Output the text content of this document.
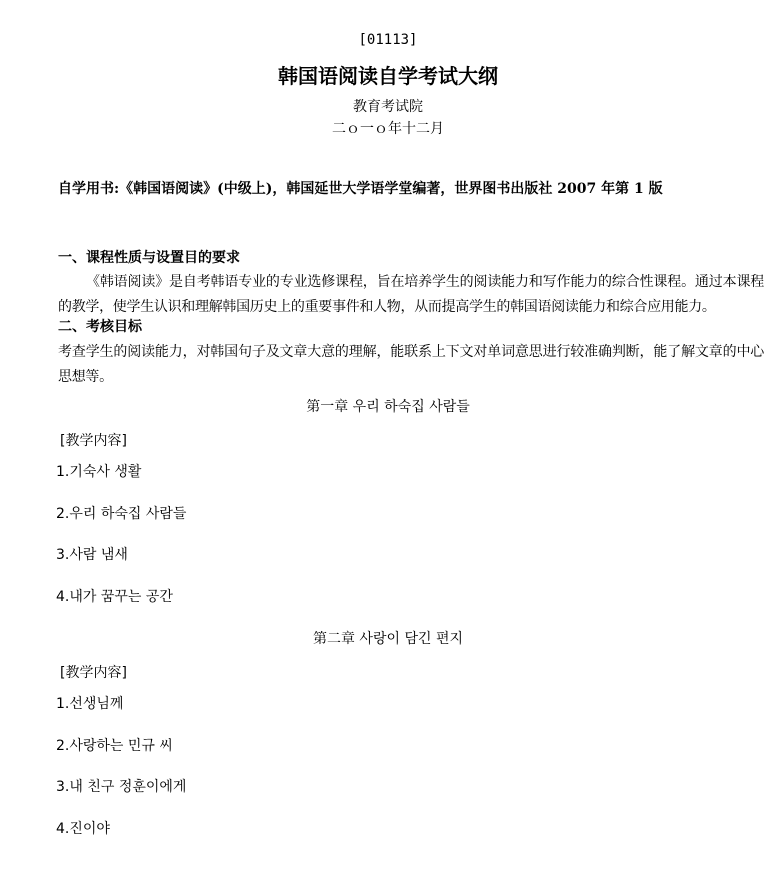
[01113]
韩国语阅读自学考试大纲
教育考试院
二ｏ一ｏ年十二月
自学用书:《韩国语阅读》(中级上)，韩国延世大学语学堂编著，世界图书出版社 2007 年第 1 版
一、课程性质与设置目的要求
《韩语阅读》是自考韩语专业的专业选修课程，旨在培养学生的阅读能力和写作能力的综合性课程。通过本课程的教学，使学生认识和理解韩国历史上的重要事件和人物，从而提高学生的韩国语阅读能力和综合应用能力。
二、考核目标
考查学生的阅读能力，对韩国句子及文章大意的理解，能联系上下文对单词意思进行较准确判断，能了解文章的中心思想等。
第一章 우리 하숙집 사람들
[教学内容]
1.기숙사 생활
2.우리 하숙집 사람들
3.사람 냄새
4.내가 꿈꾸는 공간
第二章 사랑이 담긴 편지
[教学内容]
1.선생님께
2.사랑하는 민규 씨
3.내 친구 정훈이에게
4.진이야
